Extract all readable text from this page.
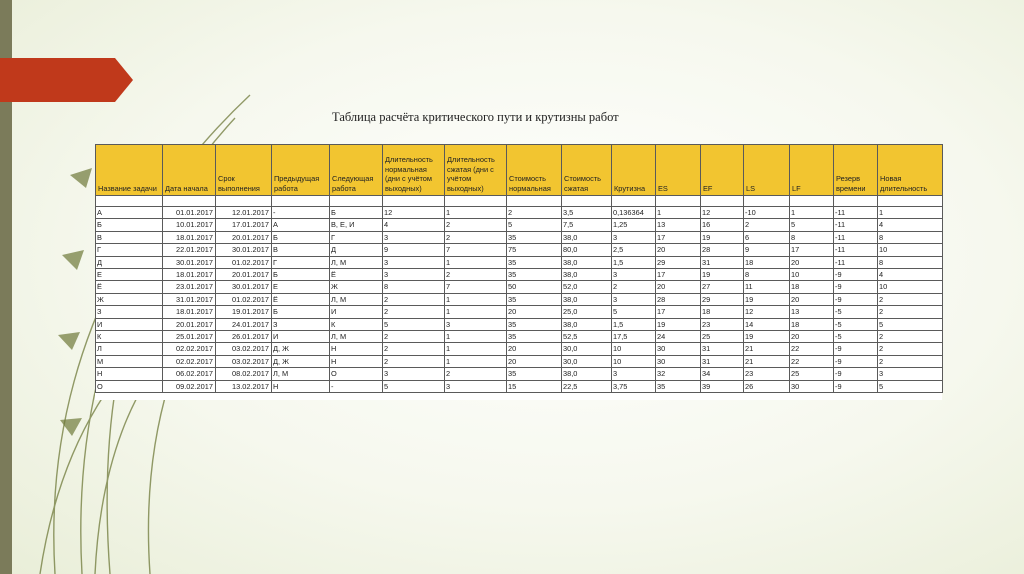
Таблица расчёта критического пути и крутизны работ
Название задачи	Дата начала	Срок выполнения	Предыдущая работа	Следующая работа	Длительность нормальная (дни с учётом выходных)	Длительность сжатая (дни с учётом выходных)	Стоимость нормальная	Стоимость сжатая	Крутизна	ES	EF	LS	LF	Резерв времени	Новая длительность

А	01.01.2017	12.01.2017	-	Б	12	1	2	3,5	0,136364	1	12	-10	1	-11	1
Б	10.01.2017	17.01.2017	А	В, Е, И	4	2	5	7,5	1,25	13	16	2	5	-11	4
В	18.01.2017	20.01.2017	Б	Г	3	2	35	38,0	3	17	19	6	8	-11	8
Г	22.01.2017	30.01.2017	В	Д	9	7	75	80,0	2,5	20	28	9	17	-11	10
Д	30.01.2017	01.02.2017	Г	Л, М	3	1	35	38,0	1,5	29	31	18	20	-11	8
Е	18.01.2017	20.01.2017	Б	Ё	3	2	35	38,0	3	17	19	8	10	-9	4
Ё	23.01.2017	30.01.2017	Е	Ж	8	7	50	52,0	2	20	27	11	18	-9	10
Ж	31.01.2017	01.02.2017	Ё	Л, М	2	1	35	38,0	3	28	29	19	20	-9	2
З	18.01.2017	19.01.2017	Б	И	2	1	20	25,0	5	17	18	12	13	-5	2
И	20.01.2017	24.01.2017	З	К	5	3	35	38,0	1,5	19	23	14	18	-5	5
К	25.01.2017	26.01.2017	И	Л, М	2	1	35	52,5	17,5	24	25	19	20	-5	2
Л	02.02.2017	03.02.2017	Д, Ж	Н	2	1	20	30,0	10	30	31	21	22	-9	2
М	02.02.2017	03.02.2017	Д, Ж	Н	2	1	20	30,0	10	30	31	21	22	-9	2
Н	06.02.2017	08.02.2017	Л, М	О	3	2	35	38,0	3	32	34	23	25	-9	3
О	09.02.2017	13.02.2017	Н	-	5	3	15	22,5	3,75	35	39	26	30	-9	5
